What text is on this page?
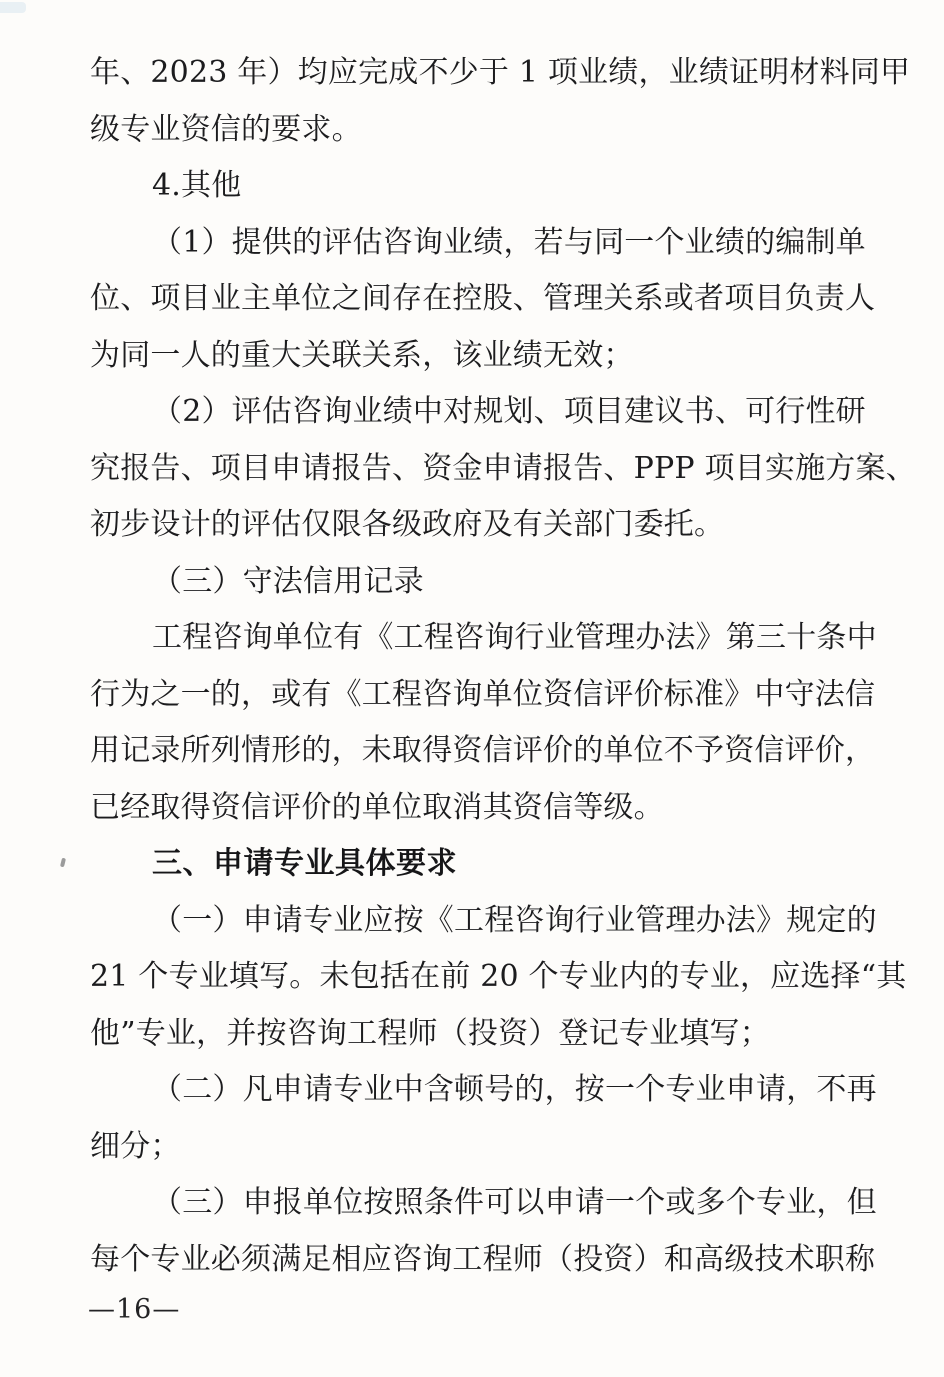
年、2023 年）均应完成不少于 1 项业绩，业绩证明材料同甲
级专业资信的要求。
4.其他
（1）提供的评估咨询业绩，若与同一个业绩的编制单
位、项目业主单位之间存在控股、管理关系或者项目负责人
为同一人的重大关联关系，该业绩无效；
（2）评估咨询业绩中对规划、项目建议书、可行性研
究报告、项目申请报告、资金申请报告、PPP 项目实施方案、
初步设计的评估仅限各级政府及有关部门委托。
（三）守法信用记录
工程咨询单位有《工程咨询行业管理办法》第三十条中
行为之一的，或有《工程咨询单位资信评价标准》中守法信
用记录所列情形的，未取得资信评价的单位不予资信评价，
已经取得资信评价的单位取消其资信等级。
三、申请专业具体要求
（一）申请专业应按《工程咨询行业管理办法》规定的
21 个专业填写。未包括在前 20 个专业内的专业，应选择“其
他”专业，并按咨询工程师（投资）登记专业填写；
（二）凡申请专业中含顿号的，按一个专业申请，不再
细分；
（三）申报单位按照条件可以申请一个或多个专业，但
每个专业必须满足相应咨询工程师（投资）和高级技术职称
—16—
